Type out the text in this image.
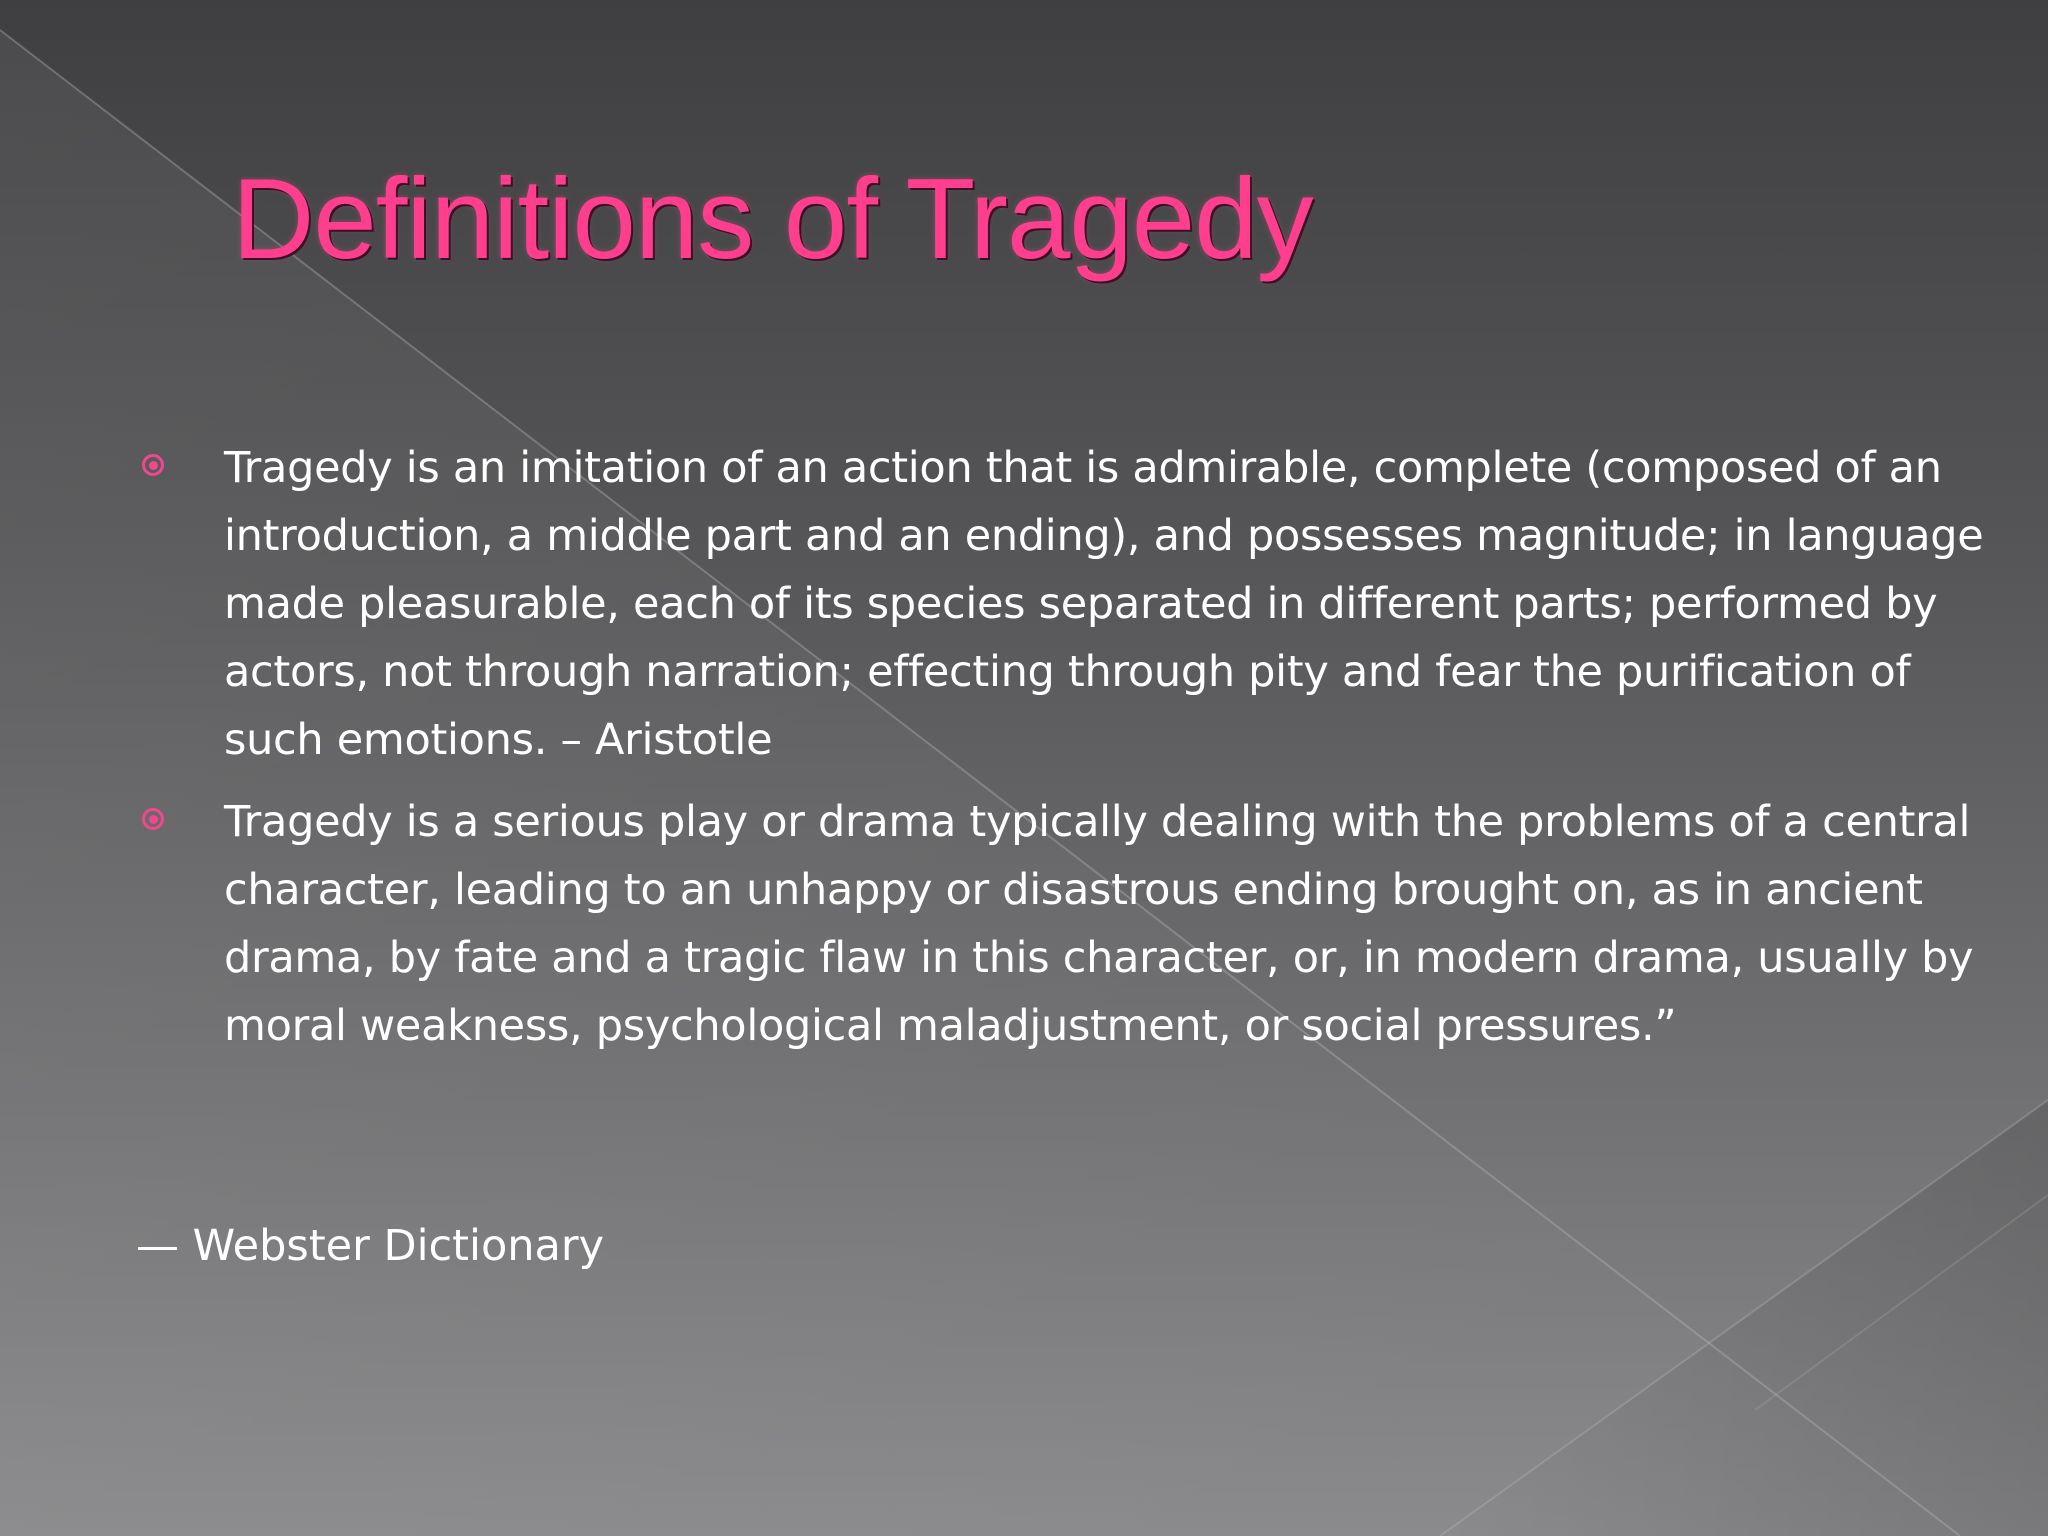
Definitions of Tragedy
Tragedy is an imitation of an action that is admirable, complete (composed of an introduction, a middle part and an ending), and possesses magnitude; in language made pleasurable, each of its species separated in different parts; performed by actors, not through narration; effecting through pity and fear the purification of such emotions. – Aristotle
Tragedy is a serious play or drama typically dealing with the problems of a central character, leading to an unhappy or disastrous ending brought on, as in ancient drama, by fate and a tragic flaw in this character, or, in modern drama, usually by moral weakness, psychological maladjustment, or social pressures.”

— Webster Dictionary
